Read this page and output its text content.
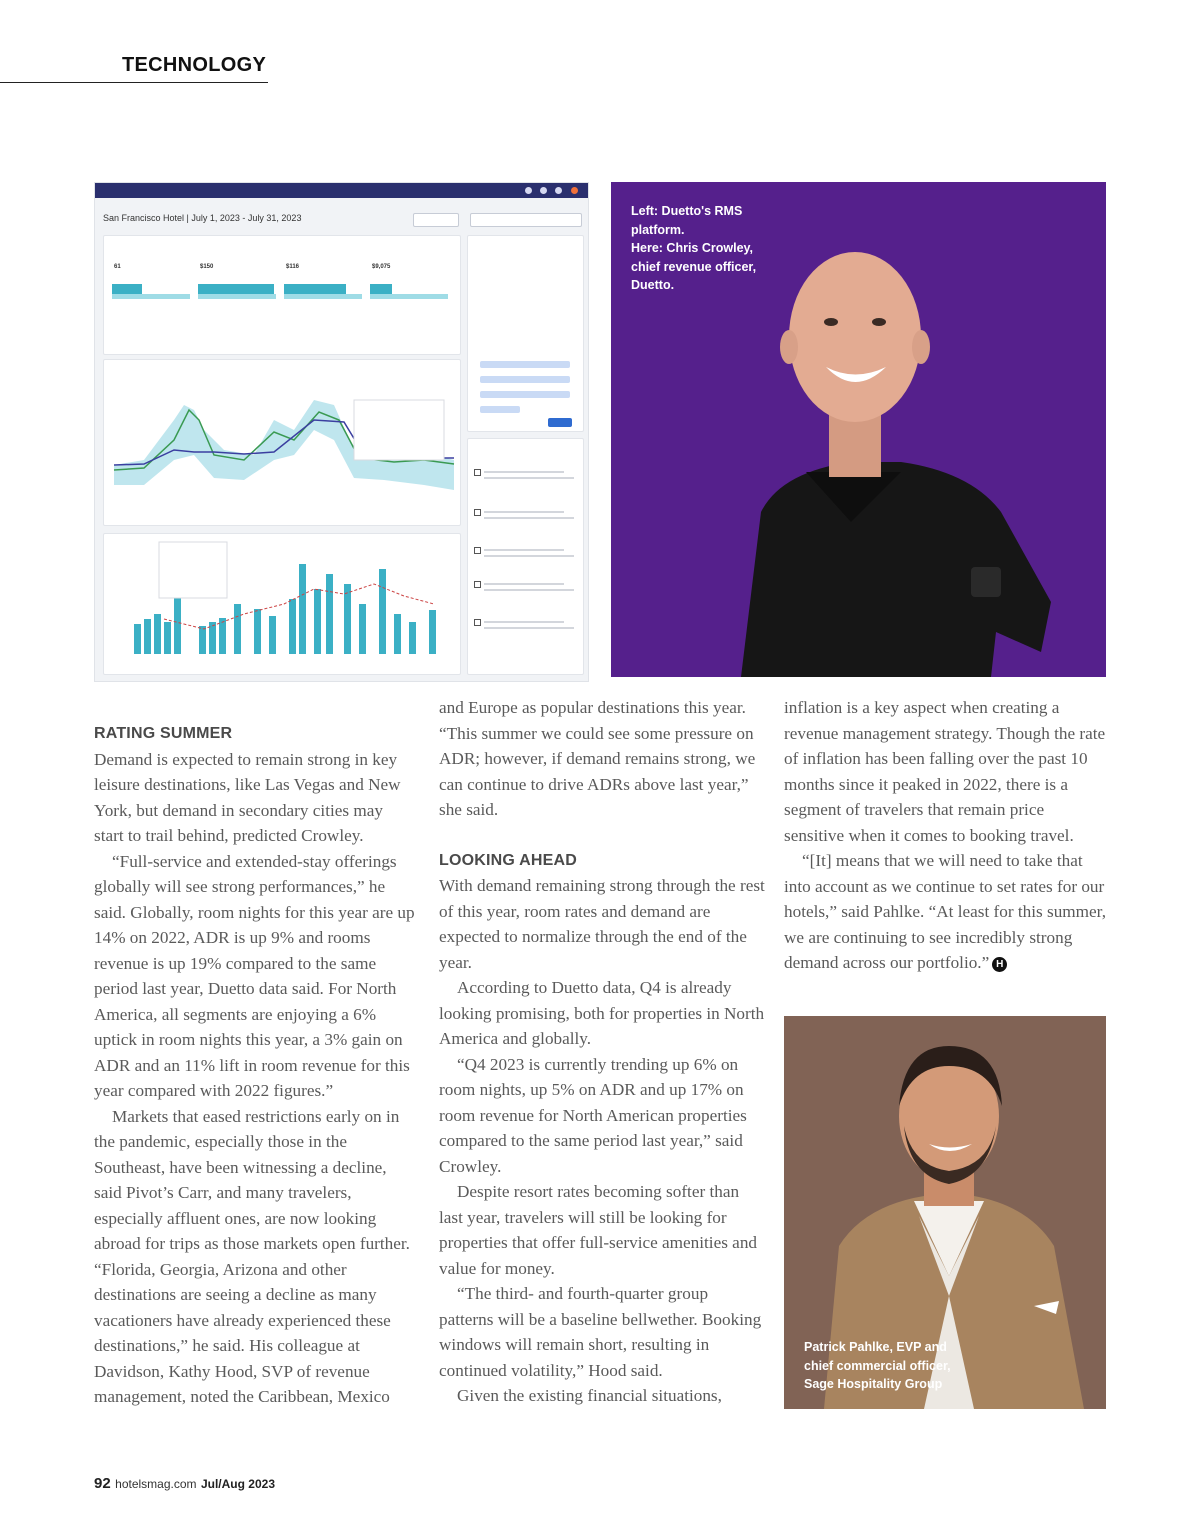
TECHNOLOGY
San Francisco Hotel | July 1, 2023 - July 31, 2023
61	$150	$116	$9,075
Left: Duetto's RMS
platform.
Here: Chris Crowley,
chief revenue officer,
Duetto.
RATING SUMMER

Demand is expected to remain strong in key leisure destinations, like Las Vegas and New York, but demand in secondary cities may start to trail behind, predicted Crowley.

“Full-service and extended-stay offerings globally will see strong performances,” he said. Globally, room nights for this year are up 14% on 2022, ADR is up 9% and rooms revenue is up 19% compared to the same period last year, Duetto data said. For North America, all segments are enjoying a 6% uptick in room nights this year, a 3% gain on ADR and an 11% lift in room revenue for this year compared with 2022 figures.”

Markets that eased restrictions early on in the pandemic, especially those in the Southeast, have been witnessing a decline, said Pivot’s Carr, and many travelers, especially affluent ones, are now looking abroad for trips as those markets open further. “Florida, Georgia, Arizona and other destinations are seeing a decline as many vacationers have already experienced these destinations,” he said. His colleague at Davidson, Kathy Hood, SVP of revenue management, noted the Caribbean, Mexico

and Europe as popular destinations this year. “This summer we could see some pressure on ADR; however, if demand remains strong, we can continue to drive ADRs above last year,” she said.

LOOKING AHEAD

With demand remaining strong through the rest of this year, room rates and demand are expected to normalize through the end of the year.

According to Duetto data, Q4 is already looking promising, both for properties in North America and globally.

“Q4 2023 is currently trending up 6% on room nights, up 5% on ADR and up 17% on room revenue for North American properties compared to the same period last year,” said Crowley.

Despite resort rates becoming softer than last year, travelers will still be looking for properties that offer full-service amenities and value for money.

“The third- and fourth-quarter group patterns will be a baseline bellwether. Booking windows will remain short, resulting in continued volatility,” Hood said.

Given the existing financial situations,

inflation is a key aspect when creating a revenue management strategy. Though the rate of inflation has been falling over the past 10 months since it peaked in 2022, there is a segment of travelers that remain price sensitive when it comes to booking travel.

“[It] means that we will need to take that into account as we continue to set rates for our hotels,” said Pahlke. “At least for this summer, we are continuing to see incredibly strong demand across our portfolio.” H

Patrick Pahlke, EVP and
chief commercial officer,
Sage Hospitality Group
92 hotelsmag.com Jul/Aug 2023
